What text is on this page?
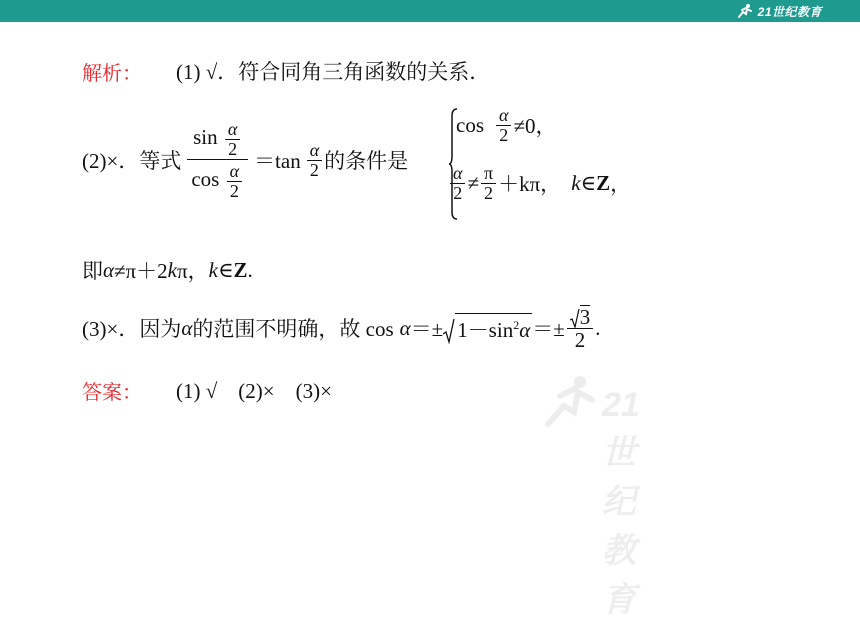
21世纪教育
解析： (1) √．符合同角三角函数的关系．
(2)×．等式 $\frac{\sin \frac{\alpha}{2}}{\cos \frac{\alpha}{2}} =\tan \frac{\alpha}{2}$ 的条件是
$\cos \frac{\alpha}{2} \ne 0$，
$\frac{\alpha}{2} \ne \frac{\pi}{2} +k\pi$， k ∈ Z ，
即 α ≠π＋2 k π， k ∈ Z .
(3)×．因为 α 的范围不明确，故 $\cos \alpha =\pm 1-\sin^2\alpha =\pm \frac{3}{2}$ .
答案： (1) √　(2)×　(3)×	21世纪教育
